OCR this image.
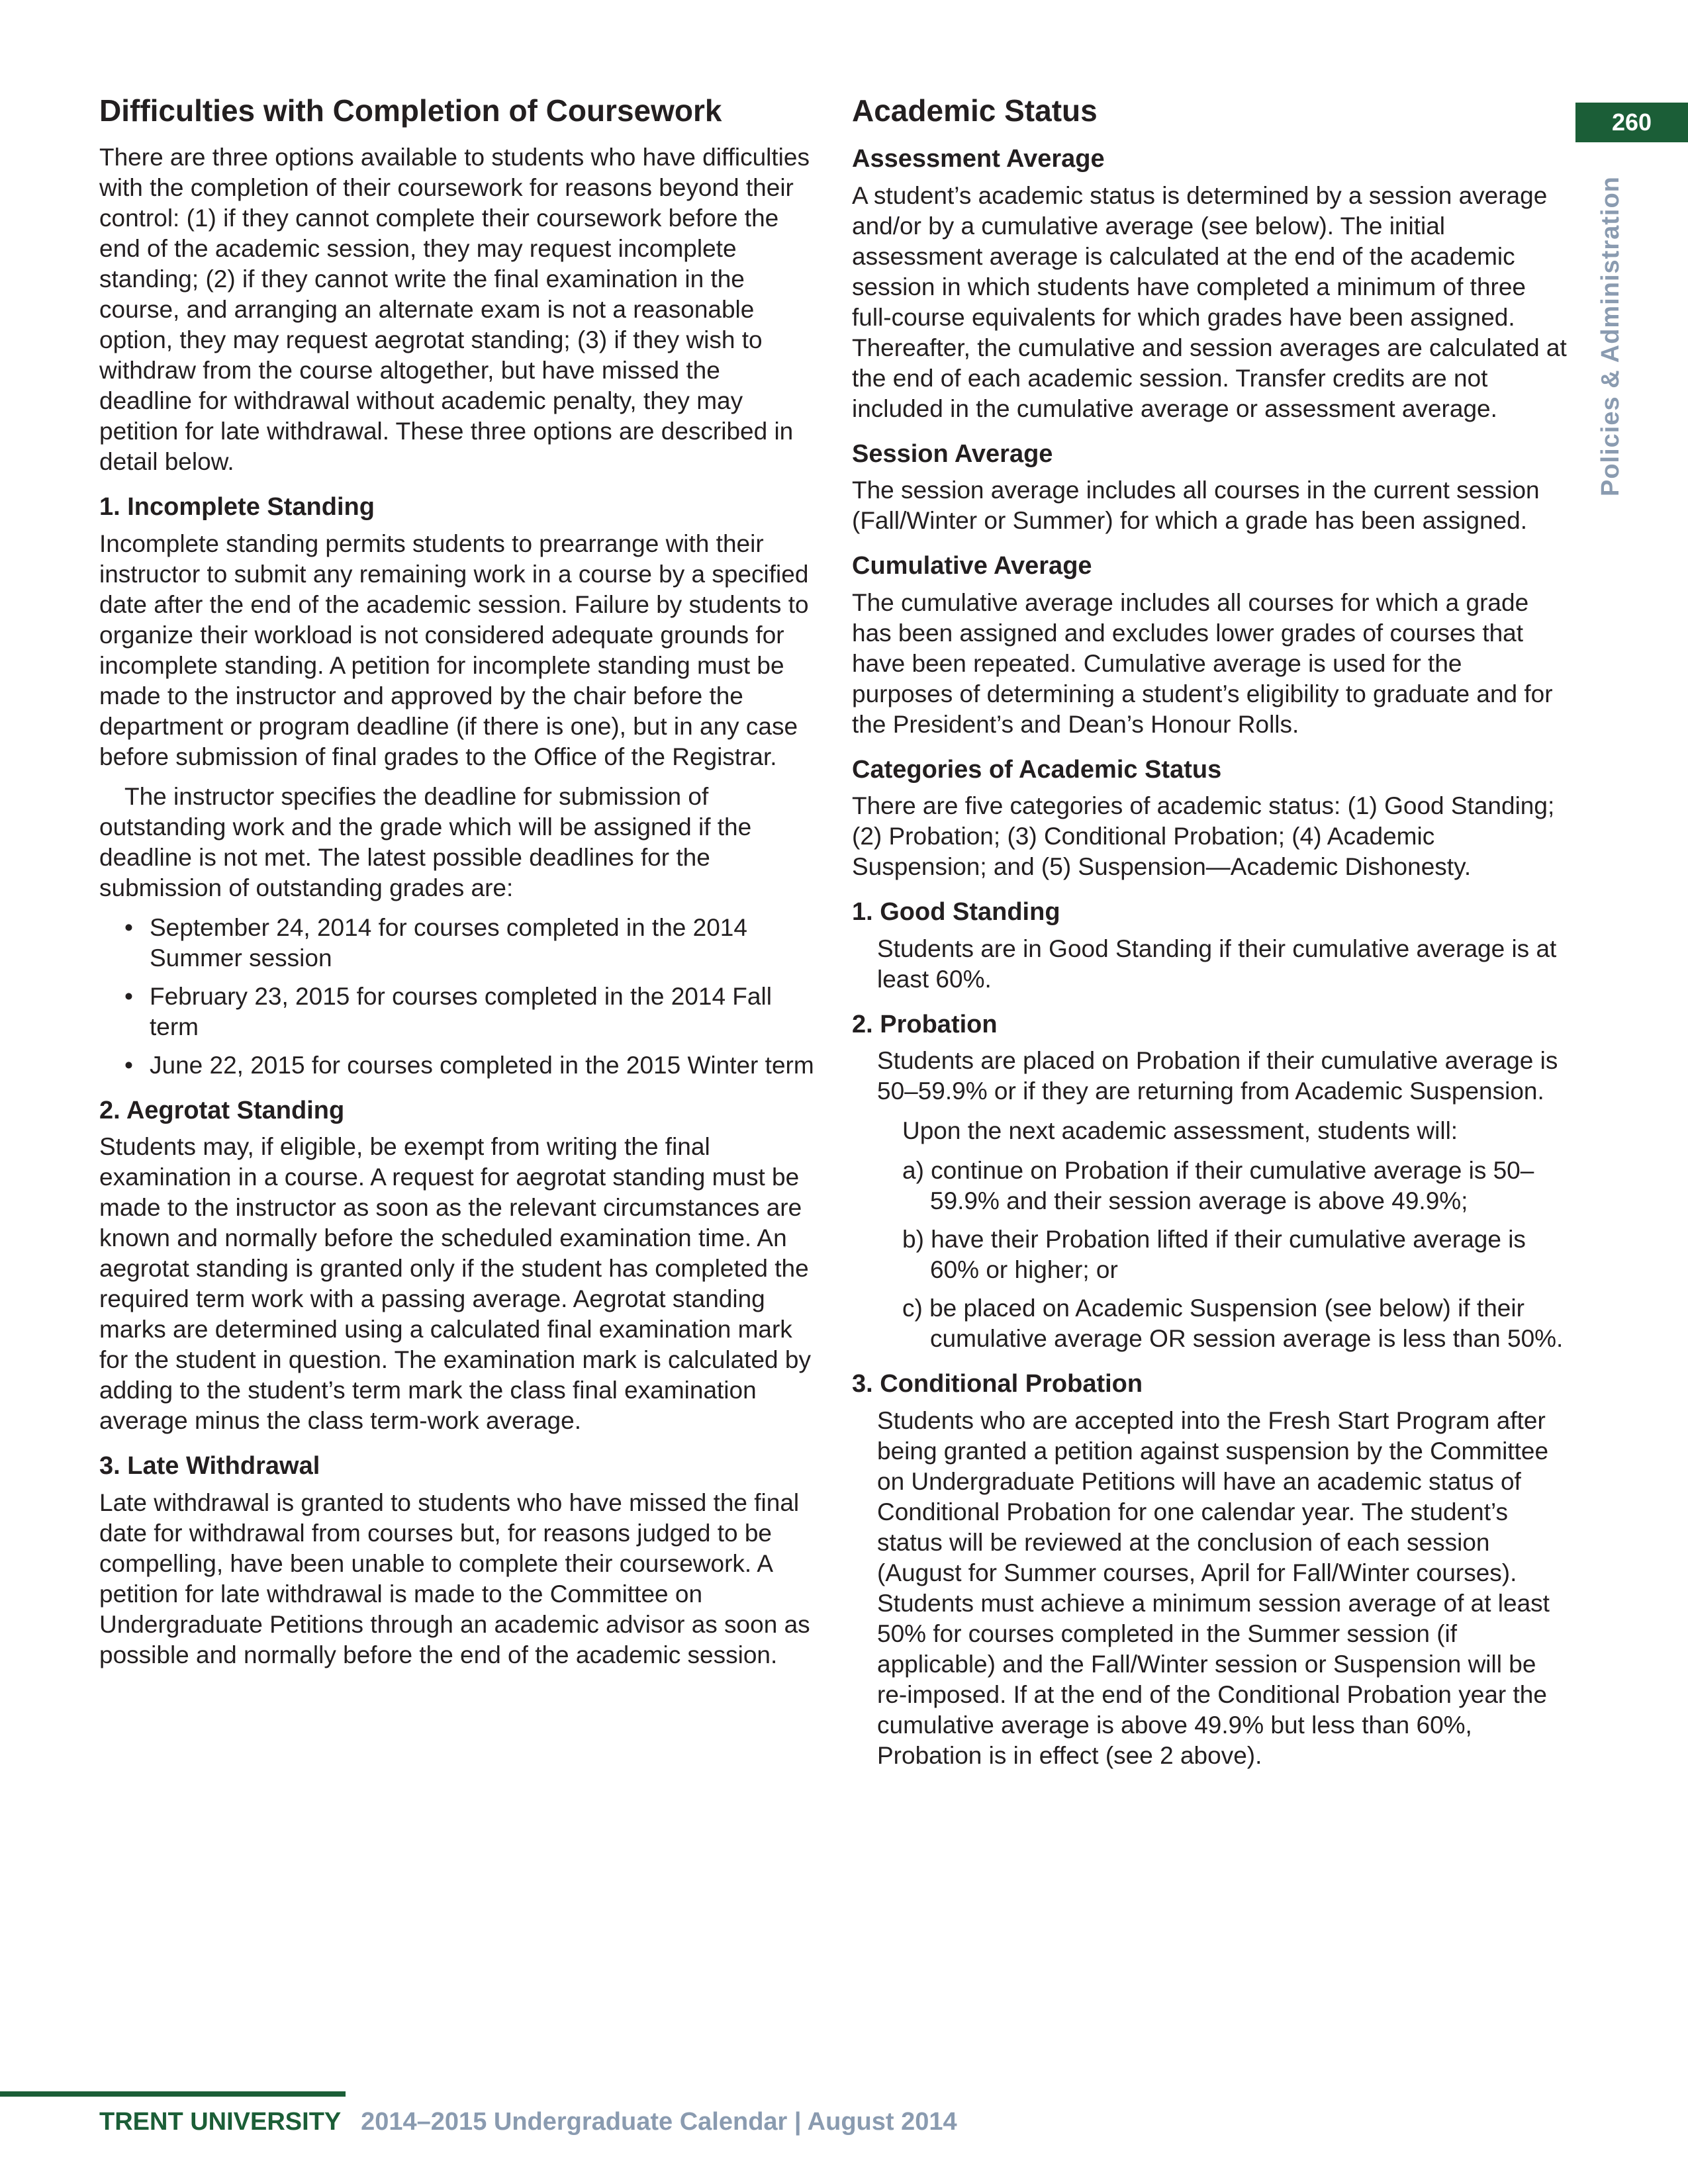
260
Policies & Administration
Difficulties with Completion of Coursework

There are three options available to students who have difficulties with the completion of their coursework for reasons beyond their control: (1) if they cannot complete their coursework before the end of the academic session, they may request incomplete standing; (2) if they cannot write the final examination in the course, and arranging an alternate exam is not a reasonable option, they may request aegrotat standing; (3) if they wish to withdraw from the course altogether, but have missed the deadline for withdrawal without academic penalty, they may petition for late withdrawal. These three options are described in detail below.

1. Incomplete Standing

Incomplete standing permits students to prearrange with their instructor to submit any remaining work in a course by a specified date after the end of the academic session. Failure by students to organize their workload is not considered adequate grounds for incomplete standing. A petition for incomplete standing must be made to the instructor and approved by the chair before the department or program deadline (if there is one), but in any case before submission of final grades to the Office of the Registrar.

The instructor specifies the deadline for submission of outstanding work and the grade which will be assigned if the deadline is not met. The latest possible deadlines for the submission of outstanding grades are:

• September 24, 2014 for courses completed in the 2014 Summer session
• February 23, 2015 for courses completed in the 2014 Fall term
• June 22, 2015 for courses completed in the 2015 Winter term
2. Aegrotat Standing

Students may, if eligible, be exempt from writing the final examination in a course. A request for aegrotat standing must be made to the instructor as soon as the relevant circumstances are known and normally before the scheduled examination time. An aegrotat standing is granted only if the student has completed the required term work with a passing average. Aegrotat standing marks are determined using a calculated final examination mark for the student in question. The examination mark is calculated by adding to the student’s term mark the class final examination average minus the class term-work average.

3. Late Withdrawal

Late withdrawal is granted to students who have missed the final date for withdrawal from courses but, for reasons judged to be compelling, have been unable to complete their coursework. A petition for late withdrawal is made to the Committee on Undergraduate Petitions through an academic advisor as soon as possible and normally before the end of the academic session.

Academic Status
Assessment Average

A student’s academic status is determined by a session average and/or by a cumulative average (see below). The initial assessment average is calculated at the end of the academic session in which students have completed a minimum of three full-course equivalents for which grades have been assigned. Thereafter, the cumulative and session averages are calculated at the end of each academic session. Transfer credits are not included in the cumulative average or assessment average.

Session Average

The session average includes all courses in the current session (Fall/Winter or Summer) for which a grade has been assigned.

Cumulative Average

The cumulative average includes all courses for which a grade has been assigned and excludes lower grades of courses that have been repeated. Cumulative average is used for the purposes of determining a student’s eligibility to graduate and for the President’s and Dean’s Honour Rolls.

Categories of Academic Status

There are five categories of academic status: (1) Good Standing; (2) Probation; (3) Conditional Probation; (4) Academic Suspension; and (5) Suspension—Academic Dishonesty.

1. Good Standing

Students are in Good Standing if their cumulative average is at least 60%.

2. Probation

Students are placed on Probation if their cumulative average is 50–59.9% or if they are returning from Academic Suspension.

Upon the next academic assessment, students will:

a) continue on Probation if their cumulative average is 50–59.9% and their session average is above 49.9%;
b) have their Probation lifted if their cumulative average is 60% or higher; or
c) be placed on Academic Suspension (see below) if their cumulative average OR session average is less than 50%.
3. Conditional Probation

Students who are accepted into the Fresh Start Program after being granted a petition against suspension by the Committee on Undergraduate Petitions will have an academic status of Conditional Probation for one calendar year. The student’s status will be reviewed at the conclusion of each session (August for Summer courses, April for Fall/Winter courses). Students must achieve a minimum session average of at least 50% for courses completed in the Summer session (if applicable) and the Fall/Winter session or Suspension will be re-imposed. If at the end of the Conditional Probation year the cumulative average is above 49.9% but less than 60%, Probation is in effect (see 2 above).

TRENT UNIVERSITY 2014–2015 Undergraduate Calendar | August 2014
